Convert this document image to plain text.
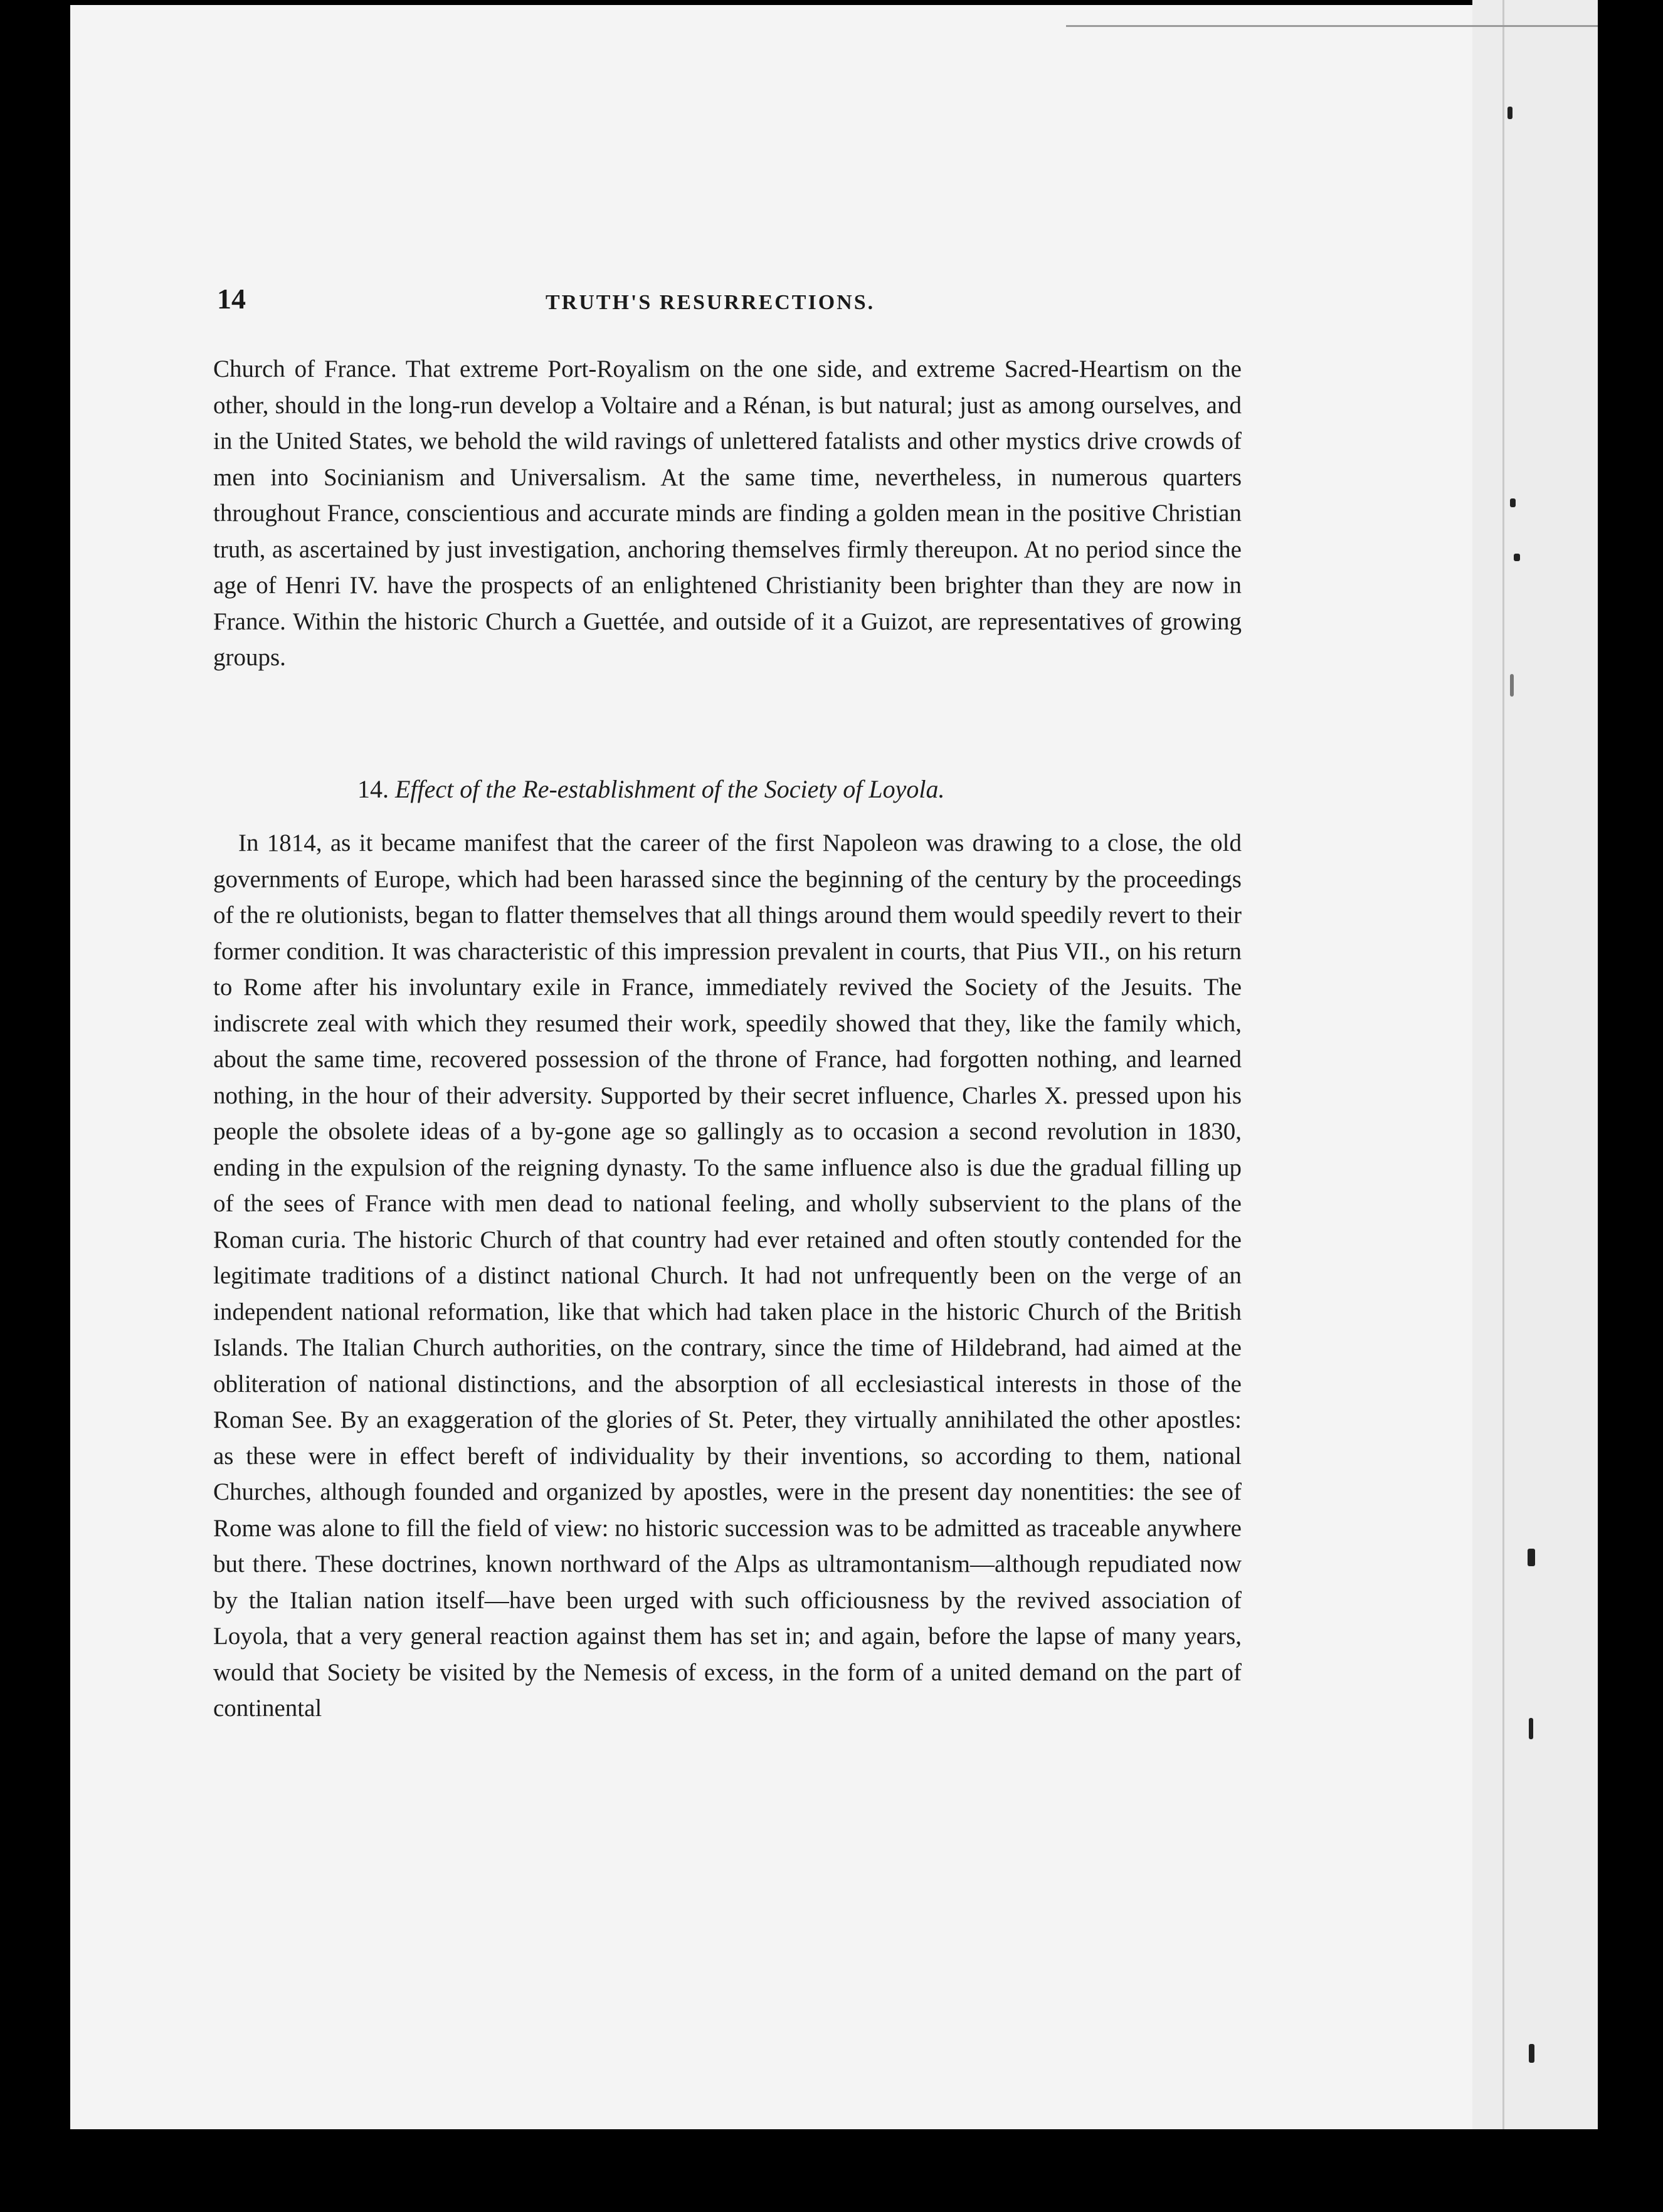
14	TRUTH'S RESURRECTIONS.
Church of France. That extreme Port-Royalism on the one side, and extreme Sacred-Heartism on the other, should in the long-run develop a Voltaire and a Rénan, is but natural; just as among ourselves, and in the United States, we behold the wild ravings of unlettered fatalists and other mystics drive crowds of men into Socinianism and Universalism. At the same time, nevertheless, in numerous quarters throughout France, conscientious and accurate minds are finding a golden mean in the positive Christian truth, as ascertained by just investigation, anchoring themselves firmly thereupon. At no period since the age of Henri IV. have the prospects of an enlightened Christianity been brighter than they are now in France. Within the historic Church a Guettée, and outside of it a Guizot, are representatives of growing groups.
14. Effect of the Re-establishment of the Society of Loyola.
In 1814, as it became manifest that the career of the first Napoleon was drawing to a close, the old governments of Europe, which had been harassed since the beginning of the century by the proceedings of the re olutionists, began to flatter themselves that all things around them would speedily revert to their former condition. It was characteristic of this impression prevalent in courts, that Pius VII., on his return to Rome after his involuntary exile in France, immediately revived the Society of the Jesuits. The indiscrete zeal with which they resumed their work, speedily showed that they, like the family which, about the same time, recovered possession of the throne of France, had forgotten nothing, and learned nothing, in the hour of their adversity. Supported by their secret influence, Charles X. pressed upon his people the obsolete ideas of a by-gone age so gallingly as to occasion a second revolution in 1830, ending in the expulsion of the reigning dynasty. To the same influence also is due the gradual filling up of the sees of France with men dead to national feeling, and wholly subservient to the plans of the Roman curia. The historic Church of that country had ever retained and often stoutly contended for the legitimate traditions of a distinct national Church. It had not unfrequently been on the verge of an independent national reformation, like that which had taken place in the historic Church of the British Islands. The Italian Church authorities, on the contrary, since the time of Hildebrand, had aimed at the obliteration of national distinctions, and the absorption of all ecclesiastical interests in those of the Roman See. By an exaggeration of the glories of St. Peter, they virtually annihilated the other apostles: as these were in effect bereft of individuality by their inventions, so according to them, national Churches, although founded and organized by apostles, were in the present day nonentities: the see of Rome was alone to fill the field of view: no historic succession was to be admitted as traceable anywhere but there. These doctrines, known northward of the Alps as ultramontanism—although repudiated now by the Italian nation itself—have been urged with such officiousness by the revived association of Loyola, that a very general reaction against them has set in; and again, before the lapse of many years, would that Society be visited by the Nemesis of excess, in the form of a united demand on the part of continental
